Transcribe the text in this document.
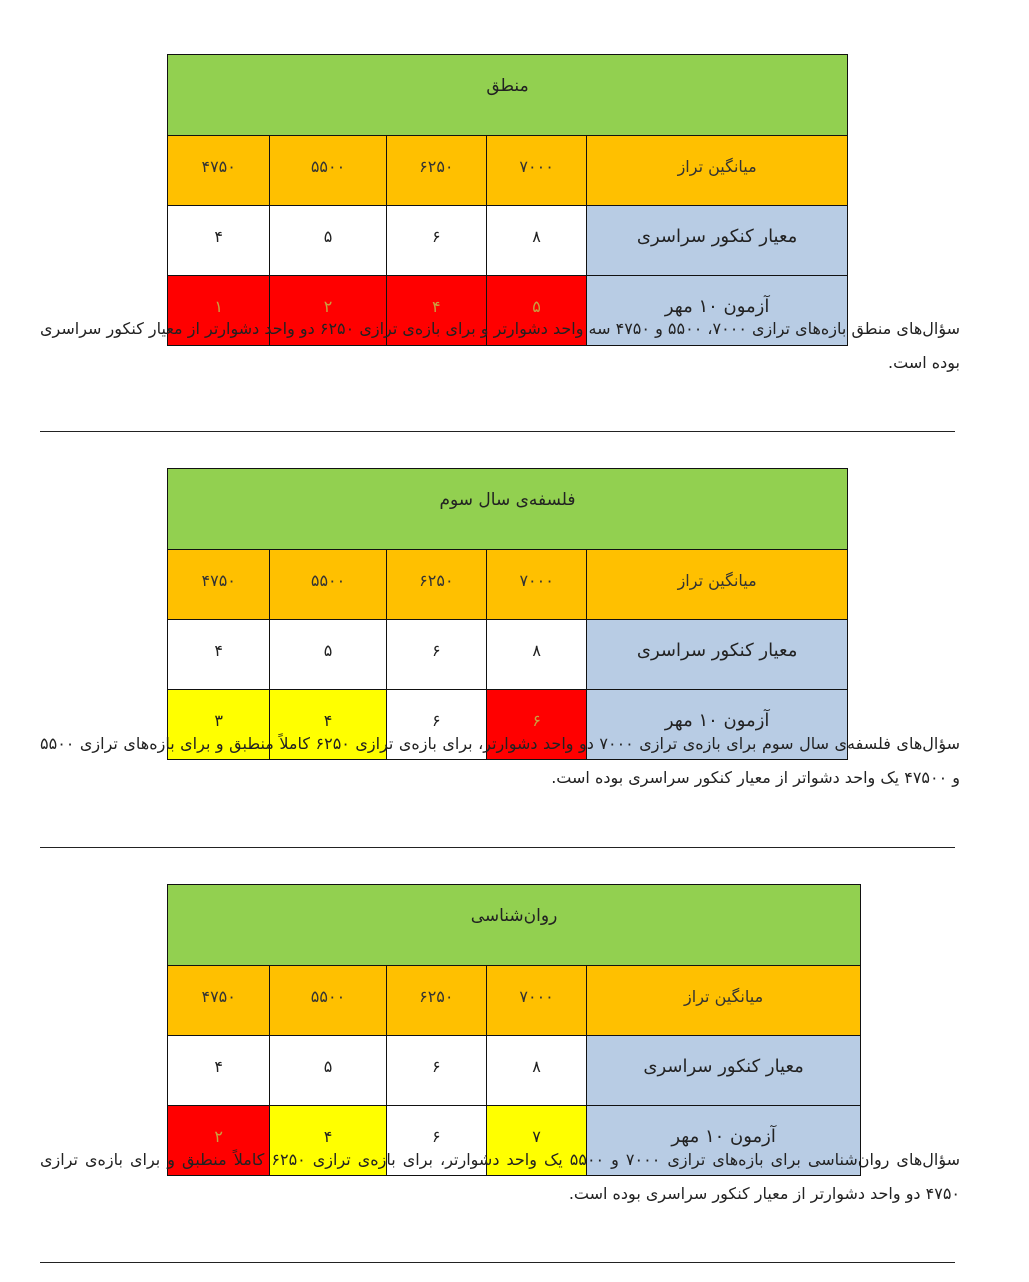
منطق				
میانگین تراز	۷۰۰۰	۶۲۵۰	۵۵۰۰	۴۷۵۰
معیار کنکور سراسری	۸	۶	۵	۴
آزمون ۱۰ مهر	۵	۴	۲	۱
سؤال‌های منطق بازه‌های ترازی ۷۰۰۰، ۵۵۰۰ و ۴۷۵۰ سه واحد دشوارتر و برای بازه‌ی ترازی ۶۲۵۰ دو واحد دشوارتر از معیار کنکور سراسری بوده است.
فلسفه‌ی سال سوم				
میانگین تراز	۷۰۰۰	۶۲۵۰	۵۵۰۰	۴۷۵۰
معیار کنکور سراسری	۸	۶	۵	۴
آزمون ۱۰ مهر	۶	۶	۴	۳
سؤال‌های فلسفه‌ی سال سوم برای بازه‌ی ترازی ۷۰۰۰ دو واحد دشوارتر، برای بازه‌ی ترازی ۶۲۵۰ کاملاً منطبق و برای بازه‌های ترازی ۵۵۰۰ و ۴۷۵۰۰ یک واحد دشواتر از معیار کنکور سراسری بوده است.
روان‌شناسی				
میانگین تراز	۷۰۰۰	۶۲۵۰	۵۵۰۰	۴۷۵۰
معیار کنکور سراسری	۸	۶	۵	۴
آزمون ۱۰ مهر	۷	۶	۴	۲
سؤال‌های روان‌شناسی برای بازه‌های ترازی ۷۰۰۰ و ۵۵۰۰ یک واحد دشوارتر، برای بازه‌ی ترازی ۶۲۵۰ کاملاً منطبق و برای بازه‌ی ترازی ۴۷۵۰ دو واحد دشوارتر از معیار کنکور سراسری بوده است.
